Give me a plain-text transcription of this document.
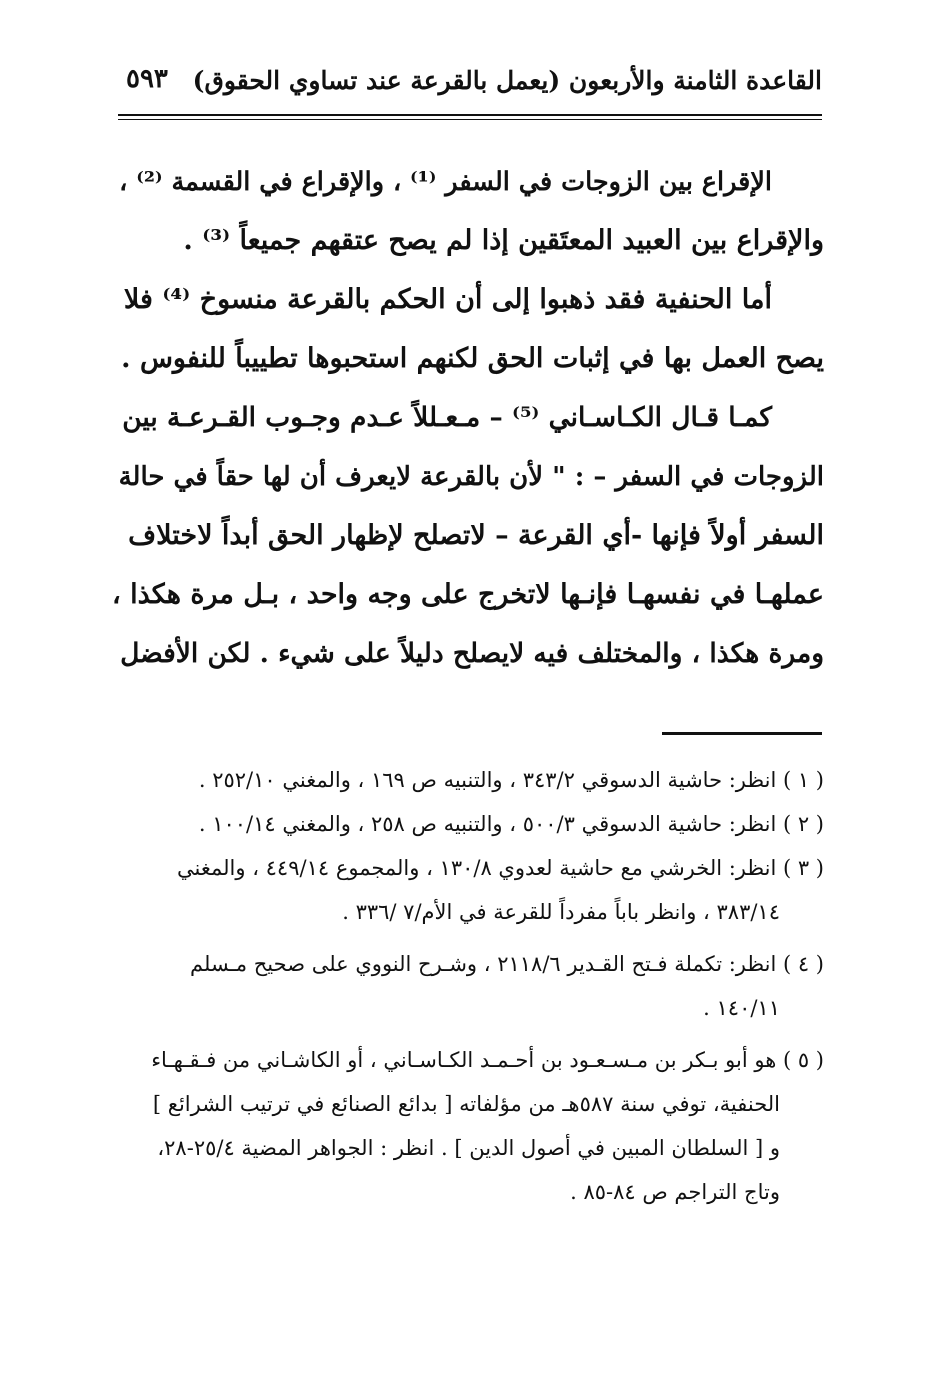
القاعدة الثامنة والأربعون (يعمل بالقرعة عند تساوي الحقوق)
٥٩٣
الإقراع بين الزوجات في السفر ⁽¹⁾ ، والإقراع في القسمة ⁽²⁾ ،
والإقراع بين العبيد المعتَقين إذا لم يصح عتقهم جميعاً ⁽³⁾ .
أما الحنفية فقد ذهبوا إلى أن الحكم بالقرعة منسوخ ⁽⁴⁾ فلا
يصح العمل بها في إثبات الحق لكنهم استحبوها تطييباً للنفوس .
كمـا قـال الكـاسـاني ⁽⁵⁾ – مـعـللاً عـدم وجـوب القـرعـة بين
الزوجات في السفر – : " لأن بالقرعة لايعرف أن لها حقاً في حالة
السفر أولاً فإنها -أي القرعة – لاتصلح لإظهار الحق أبداً لاختلاف
عملهـا في نفسهـا فإنـها لاتخرج على وجه واحد ، بـل مرة هكذا ،
ومرة هكذا ، والمختلف فيه لايصلح دليلاً على شيء . لكن الأفضل
( ١ ) انظر: حاشية الدسوقي ٣٤٣/٢ ، والتنبيه ص ١٦٩ ، والمغني ٢٥٢/١٠ .
( ٢ ) انظر: حاشية الدسوقي ٥٠٠/٣ ، والتنبيه ص ٢٥٨ ، والمغني ١٠٠/١٤ .
( ٣ ) انظر: الخرشي مع حاشية لعدوي ١٣٠/٨ ، والمجموع ٤٤٩/١٤ ، والمغني
٣٨٣/١٤ ، وانظر باباً مفرداً للقرعة في الأم/٧ /٣٣٦ .
( ٤ ) انظر: تكملة فـتح القـدير ٢١١٨/٦ ، وشـرح النووي على صحيح مـسلم
١٤٠/١١ .
( ٥ ) هو أبو بـكر بن مـسـعـود بن أحـمـد الكـاسـاني ، أو الكاشـاني من فـقـهـاء
الحنفية، توفي سنة ٥٨٧هـ من مؤلفاته [ بدائع الصنائع في ترتيب الشرائع ]
و [ السلطان المبين في أصول الدين ] . انظر : الجواهر المضية ٢٥/٤-٢٨،
وتاج التراجم ص ٨٤-٨٥ .
